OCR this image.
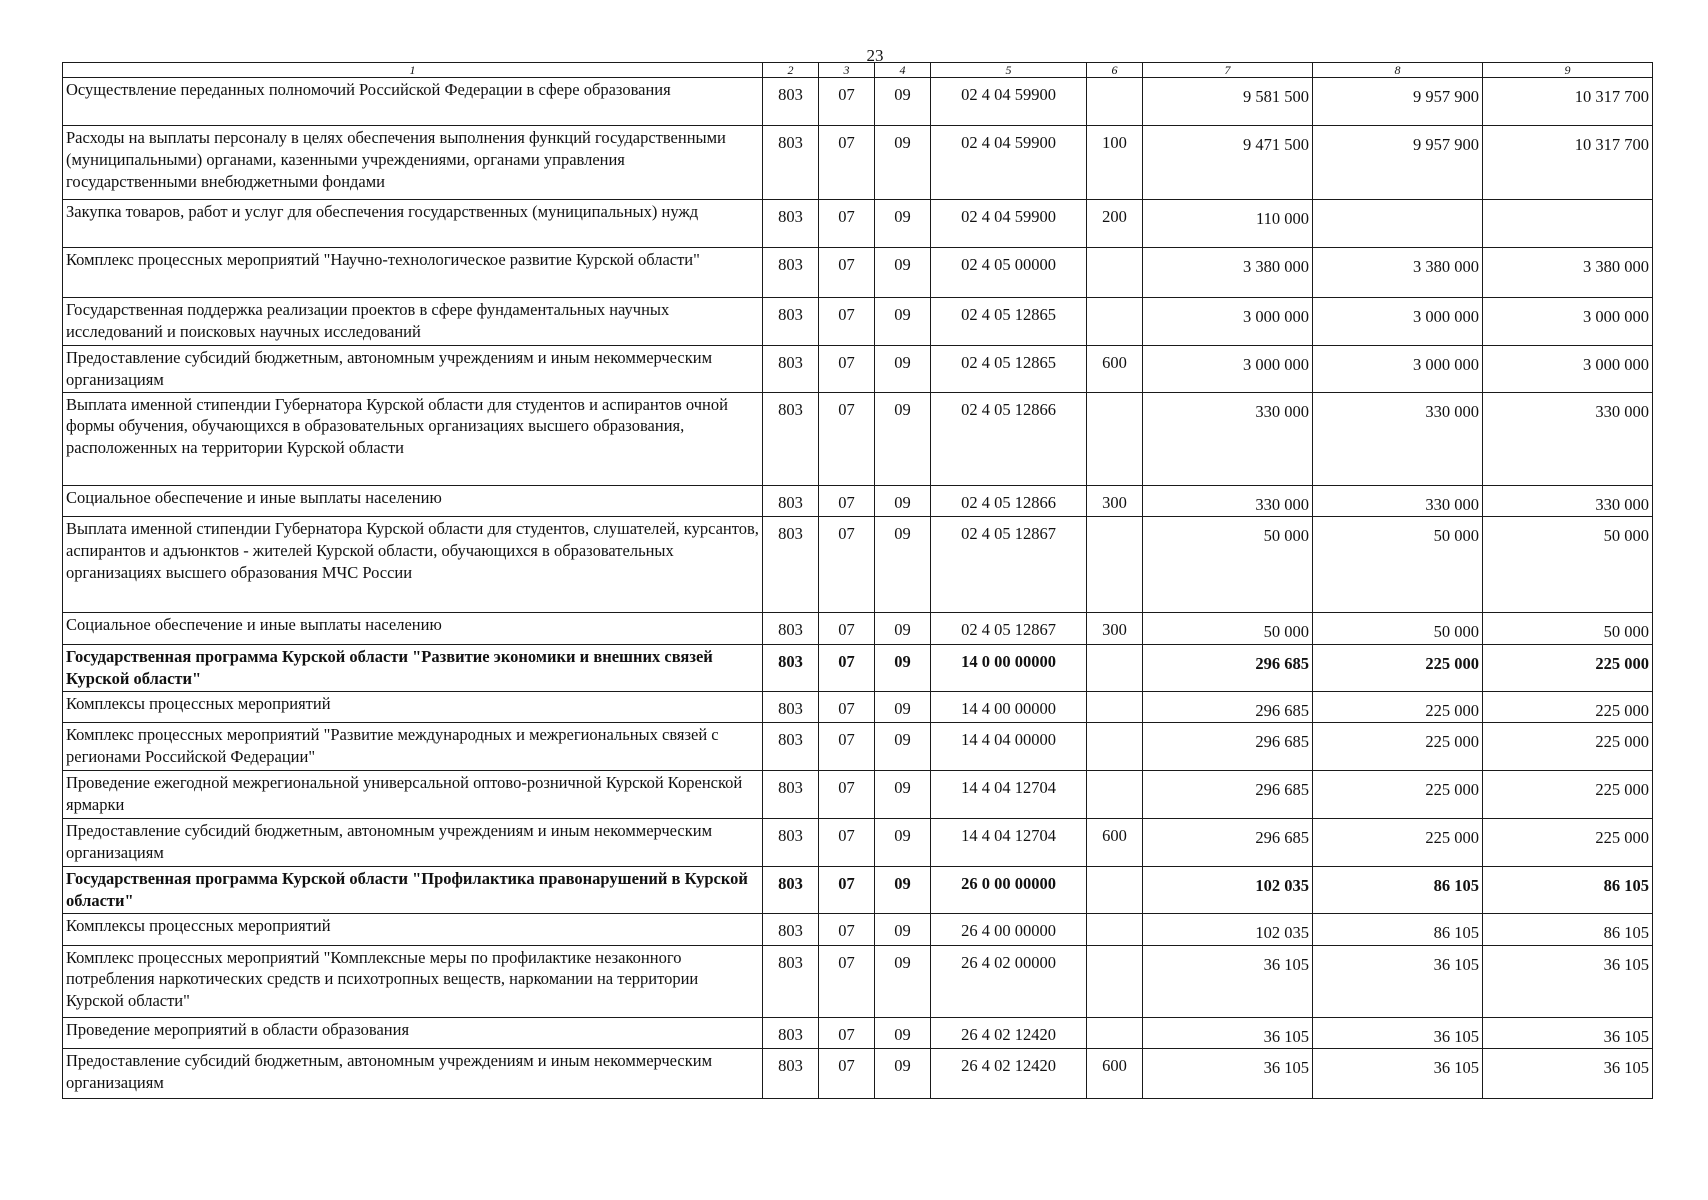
23
1	2	3	4	5	6	7	8	9
Осуществление переданных полномочий Российской Федерации в сфере образования	803	07	09	02 4 04 59900		9 581 500	9 957 900	10 317 700
Расходы на выплаты персоналу в целях обеспечения выполнения функций государственными (муниципальными) органами, казенными учреждениями, органами управления государственными внебюджетными фондами	803	07	09	02 4 04 59900	100	9 471 500	9 957 900	10 317 700
Закупка товаров, работ и услуг для обеспечения государственных (муниципальных) нужд	803	07	09	02 4 04 59900	200	110 000		
Комплекс процессных мероприятий "Научно-технологическое развитие Курской области"	803	07	09	02 4 05 00000		3 380 000	3 380 000	3 380 000
Государственная поддержка реализации проектов в сфере фундаментальных научных исследований и поисковых научных исследований	803	07	09	02 4 05 12865		3 000 000	3 000 000	3 000 000
Предоставление субсидий бюджетным, автономным учреждениям и иным некоммерческим организациям	803	07	09	02 4 05 12865	600	3 000 000	3 000 000	3 000 000
Выплата именной стипендии Губернатора Курской области для студентов и аспирантов очной формы обучения, обучающихся в образовательных организациях высшего образования, расположенных на территории Курской области	803	07	09	02 4 05 12866		330 000	330 000	330 000
Социальное обеспечение и иные выплаты населению	803	07	09	02 4 05 12866	300	330 000	330 000	330 000
Выплата именной стипендии Губернатора Курской области для студентов, слушателей, курсантов, аспирантов и адъюнктов - жителей Курской области, обучающихся в образовательных организациях высшего образования МЧС России	803	07	09	02 4 05 12867		50 000	50 000	50 000
Социальное обеспечение и иные выплаты населению	803	07	09	02 4 05 12867	300	50 000	50 000	50 000
Государственная программа Курской области "Развитие экономики и внешних связей Курской области"	803	07	09	14 0 00 00000		296 685	225 000	225 000
Комплексы процессных мероприятий	803	07	09	14 4 00 00000		296 685	225 000	225 000
Комплекс процессных мероприятий "Развитие международных и межрегиональных связей с регионами Российской Федерации"	803	07	09	14 4 04 00000		296 685	225 000	225 000
Проведение ежегодной межрегиональной универсальной оптово-розничной Курской Коренской ярмарки	803	07	09	14 4 04 12704		296 685	225 000	225 000
Предоставление субсидий бюджетным, автономным учреждениям и иным некоммерческим организациям	803	07	09	14 4 04 12704	600	296 685	225 000	225 000
Государственная программа Курской области "Профилактика правонарушений в Курской области"	803	07	09	26 0 00 00000		102 035	86 105	86 105
Комплексы процессных мероприятий	803	07	09	26 4 00 00000		102 035	86 105	86 105
Комплекс процессных мероприятий "Комплексные меры по профилактике незаконного потребления наркотических средств и психотропных веществ, наркомании на территории Курской области"	803	07	09	26 4 02 00000		36 105	36 105	36 105
Проведение мероприятий в области образования	803	07	09	26 4 02 12420		36 105	36 105	36 105
Предоставление субсидий бюджетным, автономным учреждениям и иным некоммерческим организациям	803	07	09	26 4 02 12420	600	36 105	36 105	36 105
